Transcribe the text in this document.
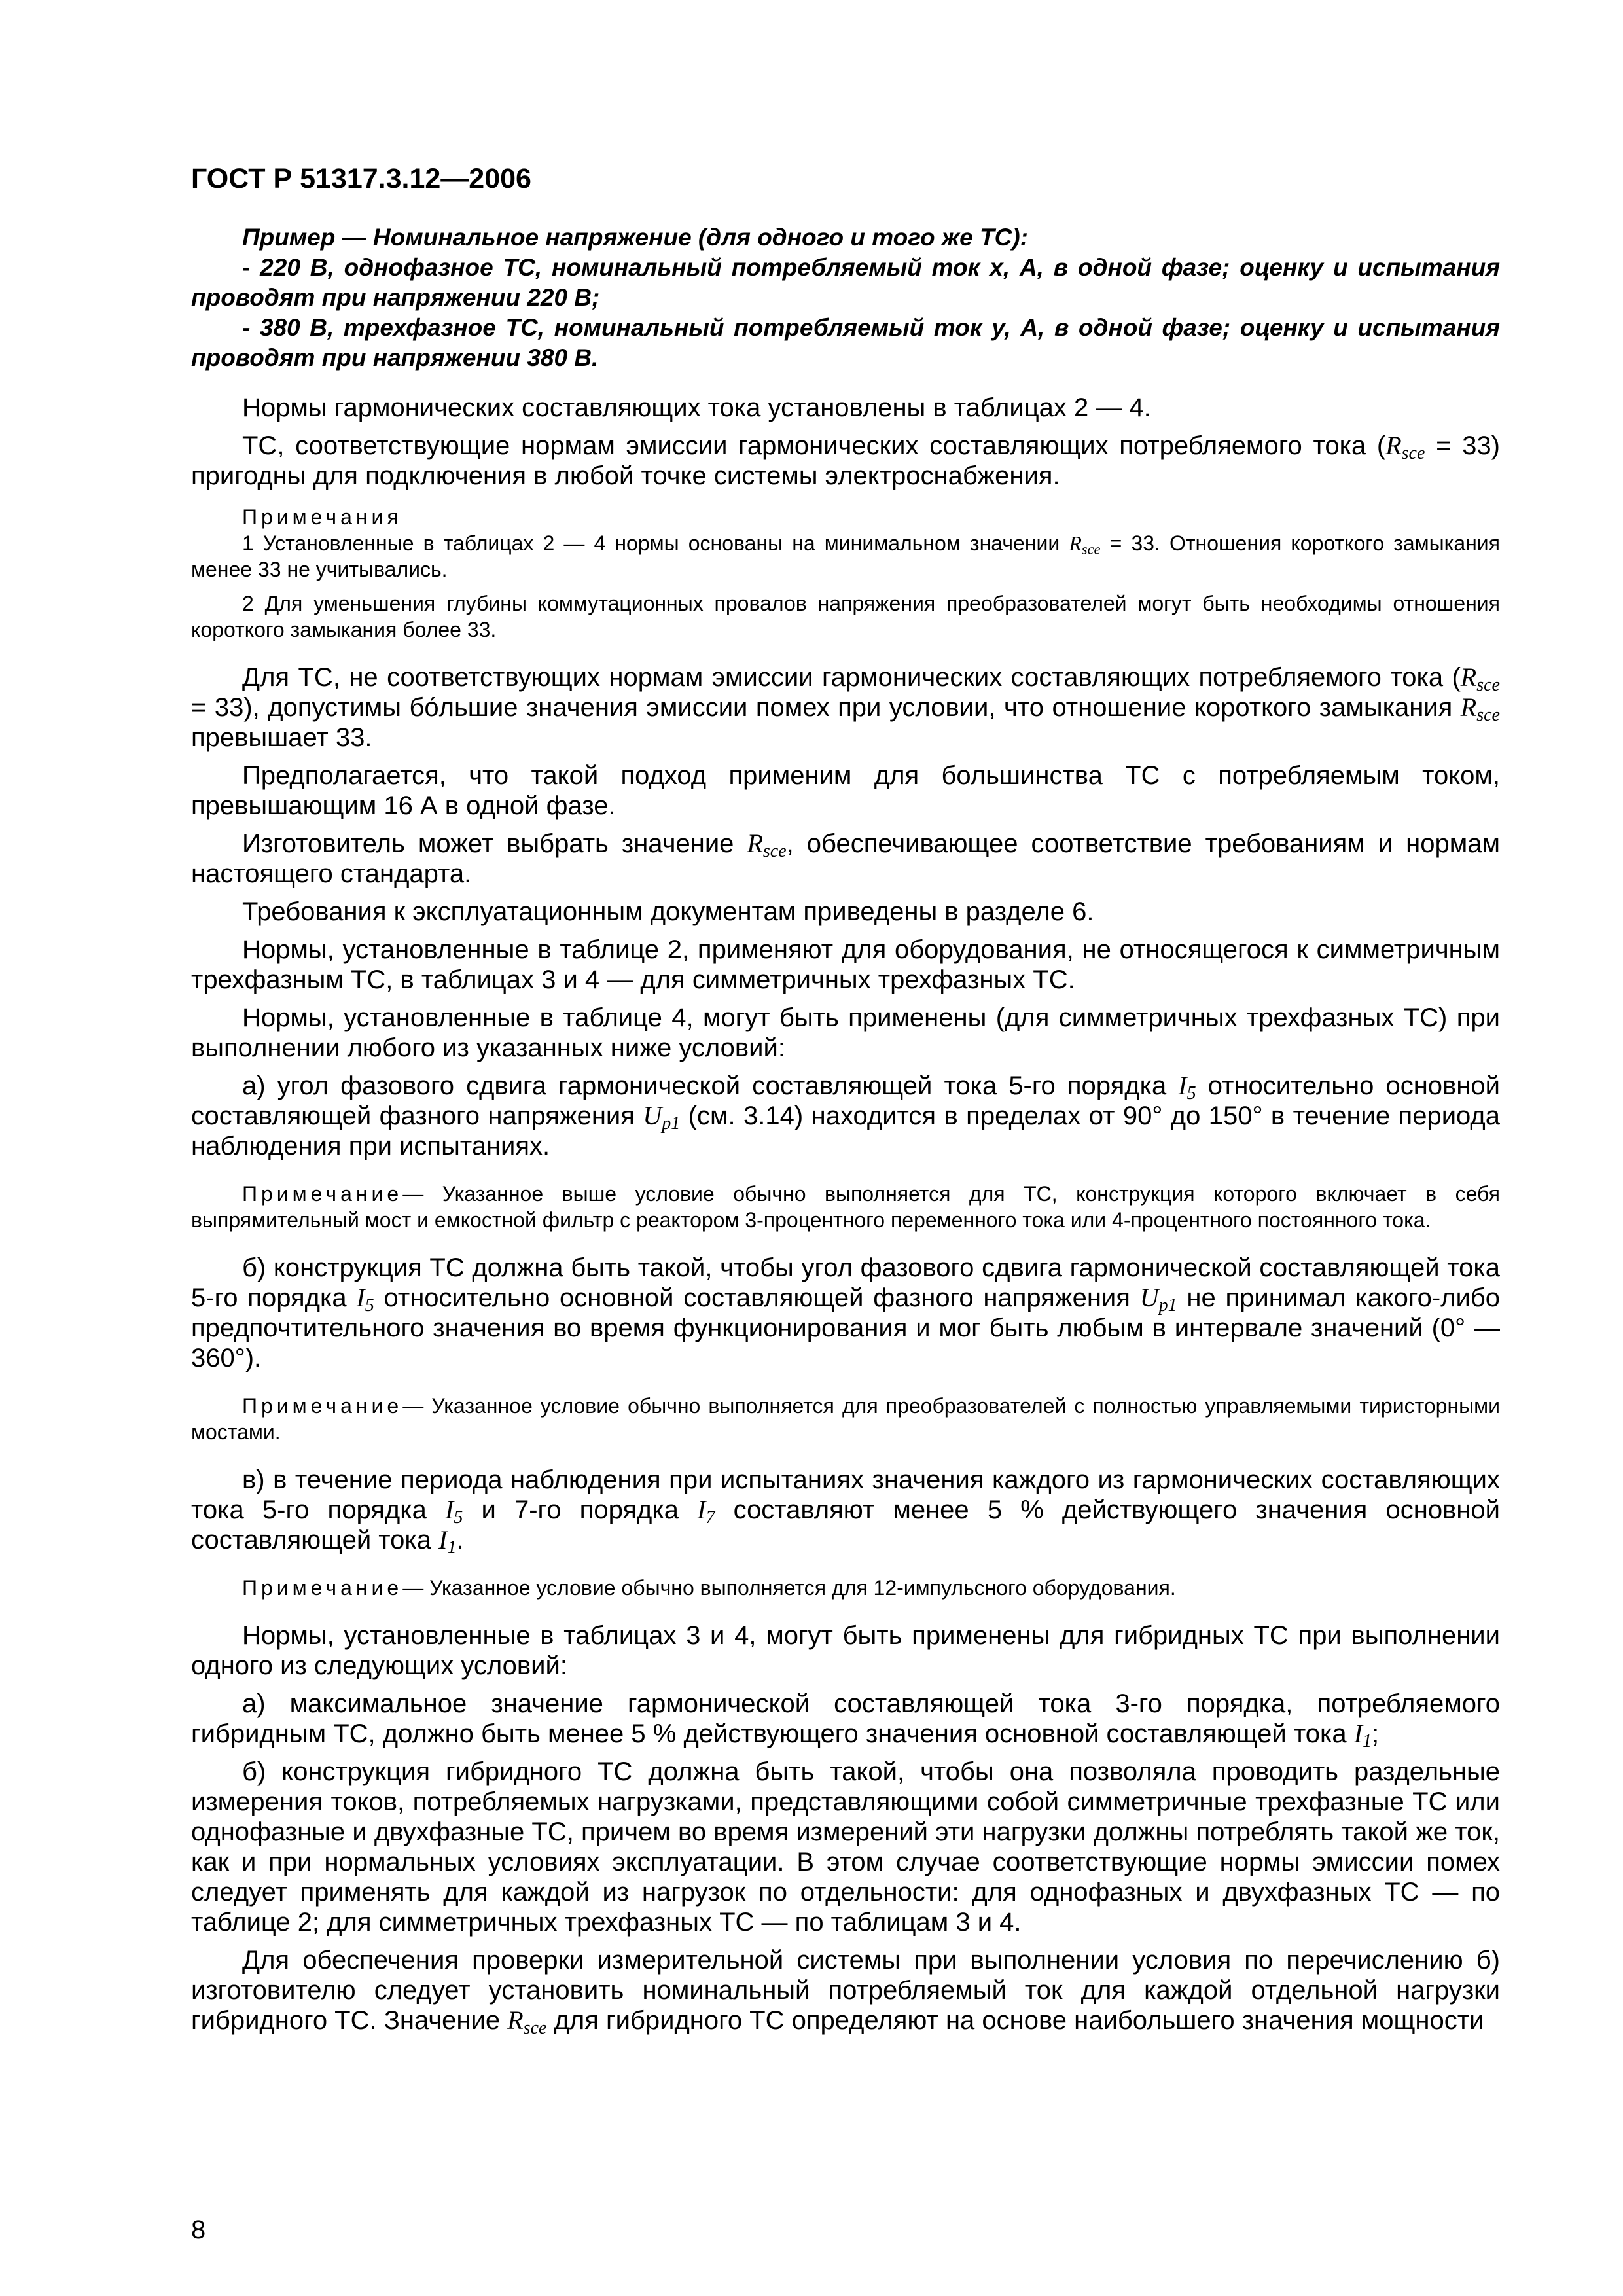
ГОСТ Р 51317.3.12—2006

Пример — Номинальное напряжение (для одного и того же ТС):

- 220 В, однофазное ТС, номинальный потребляемый ток x, А, в одной фазе; оценку и испытания проводят при напряжении 220 В;

- 380 В, трехфазное ТС, номинальный потребляемый ток y, А, в одной фазе; оценку и испытания проводят при напряжении 380 В.

Нормы гармонических составляющих тока установлены в таблицах 2 — 4.

ТС, соответствующие нормам эмиссии гармонических составляющих потребляемого тока $(R_{sce} = 33)$ пригодны для подключения в любой точке системы электроснабжения.

Примечания

1 Установленные в таблицах 2 — 4 нормы основаны на минимальном значении $R_{sce} = 33$. Отношения короткого замыкания менее 33 не учитывались.

2 Для уменьшения глубины коммутационных провалов напряжения преобразователей могут быть необходимы отношения короткого замыкания более 33.

Для ТС, не соответствующих нормам эмиссии гармонических составляющих потребляемого тока $(R_{sce} = 33)$, допустимы бо́льшие значения эмиссии помех при условии, что отношение короткого замыкания $R_{sce}$ превышает 33.

Предполагается, что такой подход применим для большинства ТС с потребляемым током, превышающим 16 А в одной фазе.

Изготовитель может выбрать значение $R_{sce}$, обеспечивающее соответствие требованиям и нормам настоящего стандарта.

Требования к эксплуатационным документам приведены в разделе 6.

Нормы, установленные в таблице 2, применяют для оборудования, не относящегося к симметричным трехфазным ТС, в таблицах 3 и 4 — для симметричных трехфазных ТС.

Нормы, установленные в таблице 4, могут быть применены (для симметричных трехфазных ТС) при выполнении любого из указанных ниже условий:

а) угол фазового сдвига гармонической составляющей тока 5-го порядка $I_5$ относительно основной составляющей фазного напряжения $U_{p1}$ (см. 3.14) находится в пределах от 90° до 150° в течение периода наблюдения при испытаниях.

Примечание— Указанное выше условие обычно выполняется для ТС, конструкция которого включает в себя выпрямительный мост и емкостной фильтр с реактором 3-процентного переменного тока или 4-процентного постоянного тока.

б) конструкция ТС должна быть такой, чтобы угол фазового сдвига гармонической составляющей тока 5-го порядка $I_5$ относительно основной составляющей фазного напряжения $U_{p1}$ не принимал какого-либо предпочтительного значения во время функционирования и мог быть любым в интервале значений (0° — 360°).

Примечание— Указанное условие обычно выполняется для преобразователей с полностью управляемыми тиристорными мостами.

в) в течение периода наблюдения при испытаниях значения каждого из гармонических составляющих тока 5-го порядка $I_5$ и 7-го порядка $I_7$ составляют менее 5 % действующего значения основной составляющей тока $I_1$.

Примечание— Указанное условие обычно выполняется для 12-импульсного оборудования.

Нормы, установленные в таблицах 3 и 4, могут быть применены для гибридных ТС при выполнении одного из следующих условий:

а) максимальное значение гармонической составляющей тока 3-го порядка, потребляемого гибридным ТС, должно быть менее 5 % действующего значения основной составляющей тока $I_1$;

б) конструкция гибридного ТС должна быть такой, чтобы она позволяла проводить раздельные измерения токов, потребляемых нагрузками, представляющими собой симметричные трехфазные ТС или однофазные и двухфазные ТС, причем во время измерений эти нагрузки должны потреблять такой же ток, как и при нормальных условиях эксплуатации. В этом случае соответствующие нормы эмиссии помех следует применять для каждой из нагрузок по отдельности: для однофазных и двухфазных ТС — по таблице 2; для симметричных трехфазных ТС — по таблицам 3 и 4.

Для обеспечения проверки измерительной системы при выполнении условия по перечислению б) изготовителю следует установить номинальный потребляемый ток для каждой отдельной нагрузки гибридного ТС. Значение $R_{sce}$ для гибридного ТС определяют на основе наибольшего значения мощности

8
